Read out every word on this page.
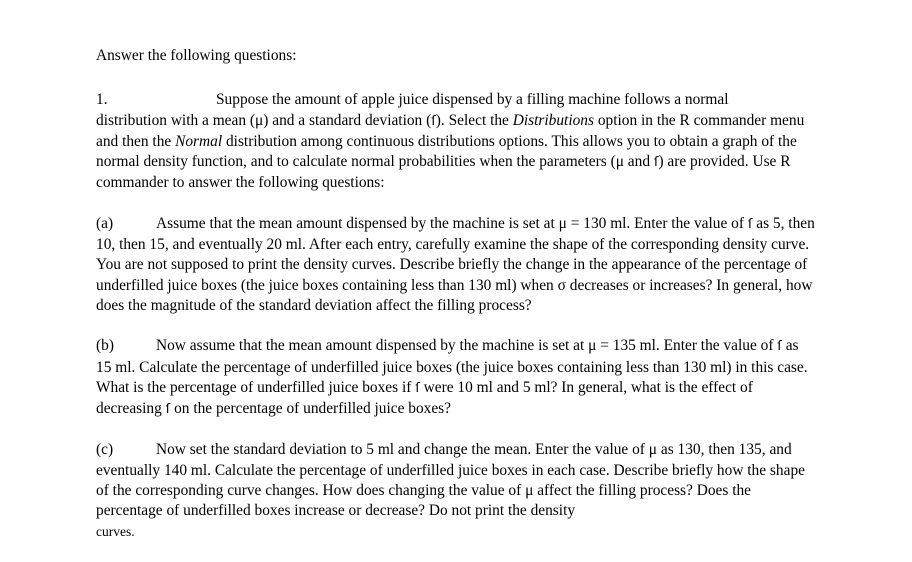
Answer the following questions:
1.	Suppose the amount of apple juice dispensed by a filling machine follows a normal
distribution with a mean (μ) and a standard deviation (ſ). Select the Distributions option in the R commander menu and then the Normal distribution among continuous distributions options. This allows you to obtain a graph of the normal density function, and to calculate normal probabilities when the parameters (μ and ſ) are provided. Use R commander to answer the following questions:
(a)	Assume that the mean amount dispensed by the machine is set at μ = 130 ml. Enter the value of ſ as 5, then 10, then 15, and eventually 20 ml. After each entry, carefully examine the shape of the corresponding density curve. You are not supposed to print the density curves. Describe briefly the change in the appearance of the percentage of underfilled juice boxes (the juice boxes containing less than 130 ml) when σ decreases or increases? In general, how does the magnitude of the standard deviation affect the filling process?
(b)	Now assume that the mean amount dispensed by the machine is set at μ = 135 ml. Enter the value of ſ as 15 ml. Calculate the percentage of underfilled juice boxes (the juice boxes containing less than 130 ml) in this case. What is the percentage of underfilled juice boxes if ſ were 10 ml and 5 ml? In general, what is the effect of decreasing ſ on the percentage of underfilled juice boxes?
(c)	Now set the standard deviation to 5 ml and change the mean. Enter the value of μ as 130, then 135, and eventually 140 ml. Calculate the percentage of underfilled juice boxes in each case. Describe briefly how the shape of the corresponding curve changes. How does changing the value of μ affect the filling process? Does the percentage of underfilled boxes increase or decrease? Do not print the density
curves.
